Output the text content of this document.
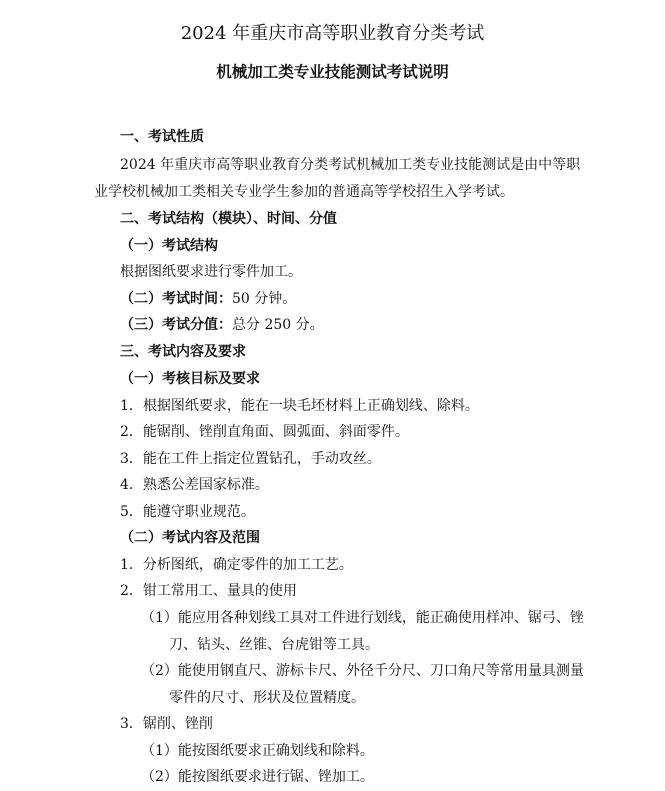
2024 年重庆市高等职业教育分类考试
机械加工类专业技能测试考试说明
一、考试性质
2024 年重庆市高等职业教育分类考试机械加工类专业技能测试是由中等职
业学校机械加工类相关专业学生参加的普通高等学校招生入学考试。
二、考试结构（模块）、时间、分值
（一）考试结构
根据图纸要求进行零件加工。
（二）考试时间：50 分钟。
（三）考试分值：总分 250 分。
三、考试内容及要求
（一）考核目标及要求
1．根据图纸要求，能在一块毛坯材料上正确划线、除料。
2．能锯削、锉削直角面、圆弧面、斜面零件。
3．能在工件上指定位置钻孔，手动攻丝。
4．熟悉公差国家标准。
5．能遵守职业规范。
（二）考试内容及范围
1．分析图纸，确定零件的加工工艺。
2．钳工常用工、量具的使用
（1）能应用各种划线工具对工件进行划线，能正确使用样冲、锯弓、锉
刀、钻头、丝锥、台虎钳等工具。
（2）能使用钢直尺、游标卡尺、外径千分尺、刀口角尺等常用量具测量
零件的尺寸、形状及位置精度。
3．锯削、锉削
（1）能按图纸要求正确划线和除料。
（2）能按图纸要求进行锯、锉加工。
